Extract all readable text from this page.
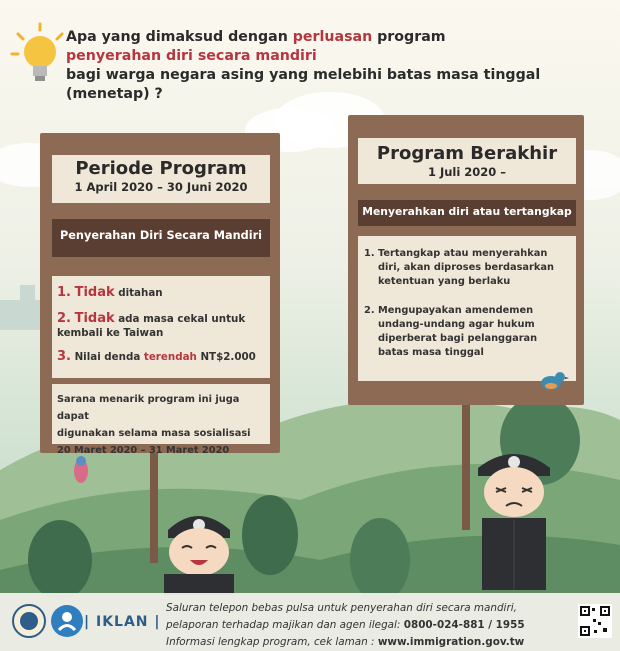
Apa yang dimaksud dengan perluasan program
penyerahan diri secara mandiri
bagi warga negara asing yang melebihi batas masa tinggal (menetap) ?
Periode Program
1 April 2020 – 30 Juni 2020
Penyerahan Diri Secara Mandiri
1. Tidak ditahan
2. Tidak ada masa cekal untuk
kembali ke Taiwan
3. Nilai denda terendah NT$2.000
Sarana menarik program ini juga dapat
digunakan selama masa sosialisasi
20 Maret 2020 – 31 Maret 2020
Program Berakhir
1 Juli 2020 –
Menyerahkan diri atau tertangkap
1. Tertangkap atau menyerahkan
diri, akan diproses berdasarkan
ketentuan yang berlaku
2. Mengupayakan amendemen
undang-undang agar hukum
diperberat bagi pelanggaran
batas masa tinggal
| IKLAN |
Saluran telepon bebas pulsa untuk penyerahan diri secara mandiri,
pelaporan terhadap majikan dan agen ilegal: 0800-024-881 / 1955
Informasi lengkap program, cek laman : www.immigration.gov.tw
